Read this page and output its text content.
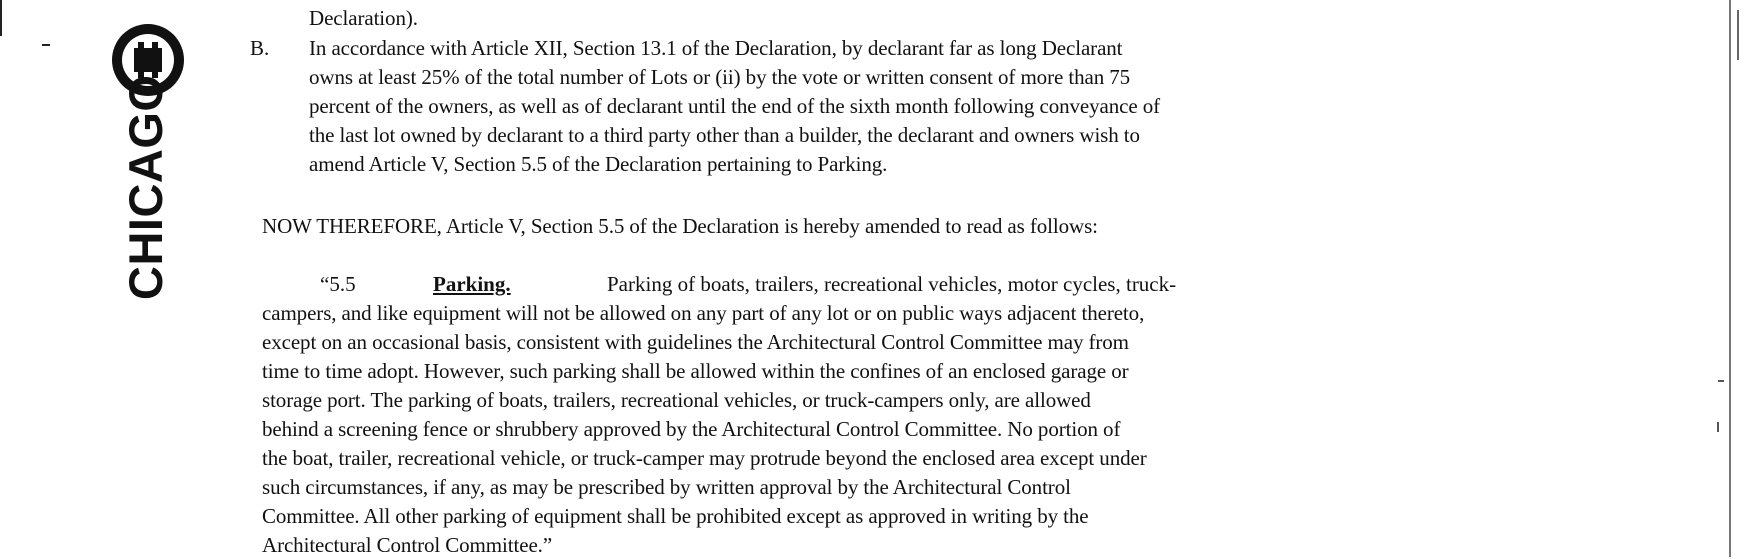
CHICAGO
Declaration).
B. In accordance with Article XII, Section 13.1 of the Declaration, by declarant far as long Declarant
owns at least 25% of the total number of Lots or (ii) by the vote or written consent of more than 75
percent of the owners, as well as of declarant until the end of the sixth month following conveyance of
the last lot owned by declarant to a third party other than a builder, the declarant and owners wish to
amend Article V, Section 5.5 of the Declaration pertaining to Parking.
NOW THEREFORE, Article V, Section 5.5 of the Declaration is hereby amended to read as follows:
“5.5	Parking.	Parking of boats, trailers, recreational vehicles, motor cycles, truck-
campers, and like equipment will not be allowed on any part of any lot or on public ways adjacent thereto,
except on an occasional basis, consistent with guidelines the Architectural Control Committee may from
time to time adopt. However, such parking shall be allowed within the confines of an enclosed garage or
storage port. The parking of boats, trailers, recreational vehicles, or truck-campers only, are allowed
behind a screening fence or shrubbery approved by the Architectural Control Committee. No portion of
the boat, trailer, recreational vehicle, or truck-camper may protrude beyond the enclosed area except under
such circumstances, if any, as may be prescribed by written approval by the Architectural Control
Committee. All other parking of equipment shall be prohibited except as approved in writing by the
Architectural Control Committee.”
